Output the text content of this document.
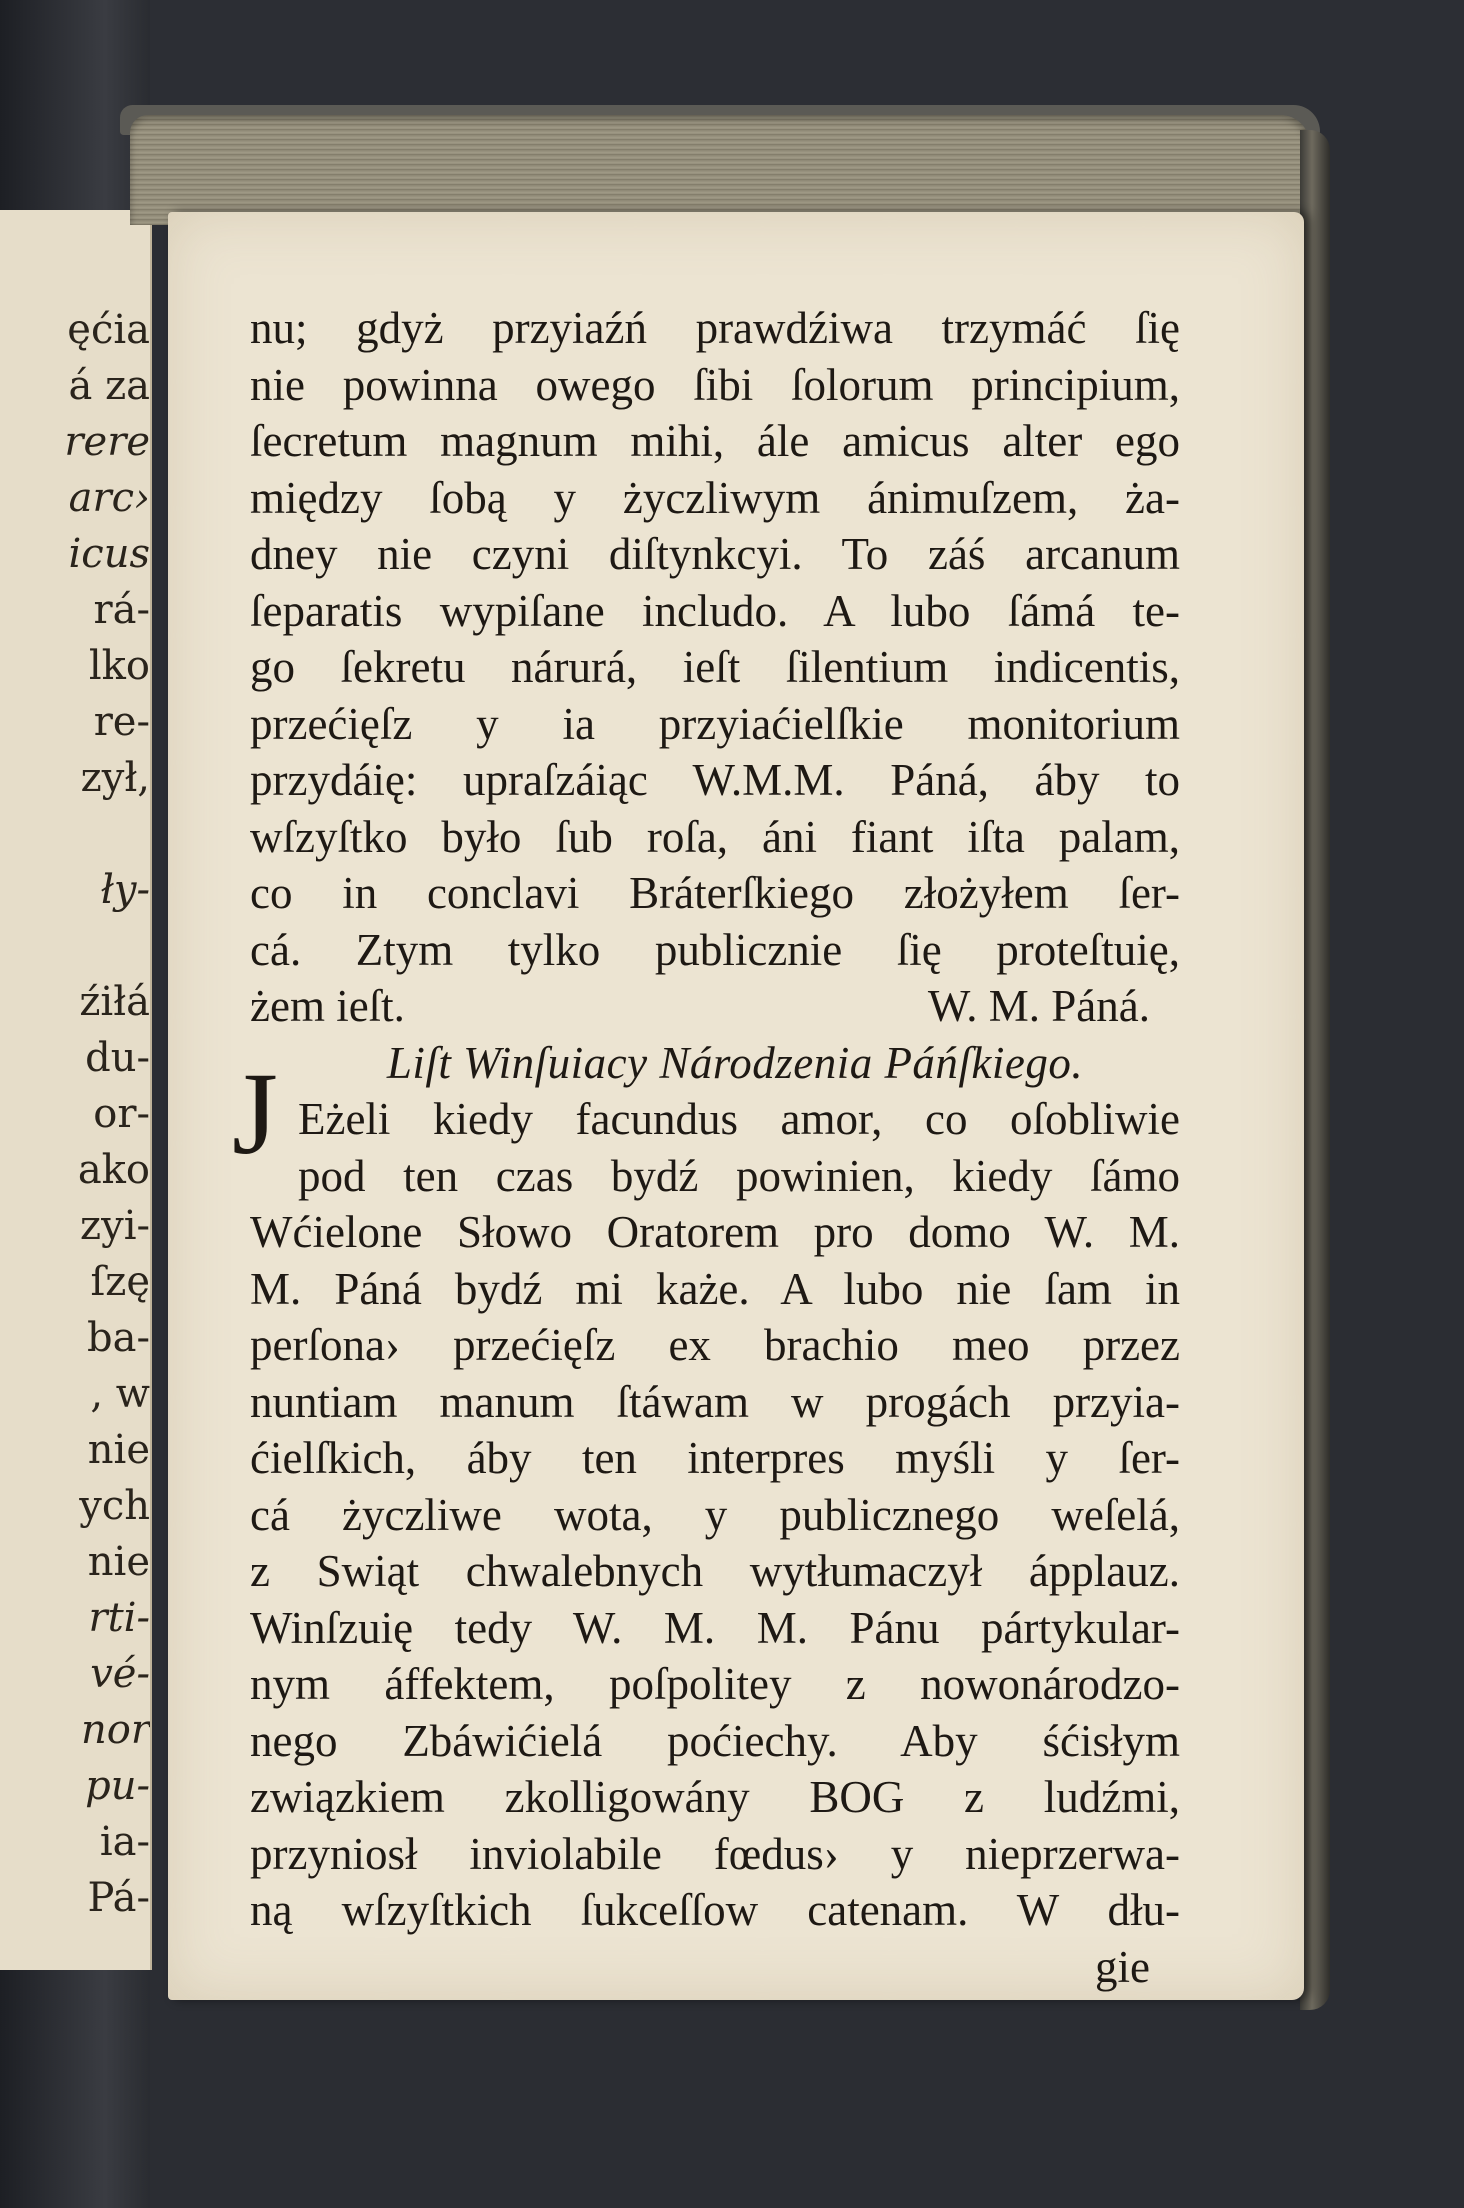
ęćia
á za
rere
arc›
icus
rá-
lko
re-
zył,
ły-
źiłá
du-
or-
ako
zyi-
ſzę
ba-
, w
nie
ych
nie
rti-
vé-
nor
pu-
ia-
Pá-
nu; gdyż przyiaźń prawdźiwa trzymáć ſię
nie powinna owego ſibi ſolorum principium,
ſecretum magnum mihi, ále amicus alter ego
między ſobą y życzliwym ánimuſzem, ża-
dney nie czyni diſtynkcyi. To záś arcanum
ſeparatis wypiſane includo. A lubo ſámá te-
go ſekretu nárurá, ieſt ſilentium indicentis,
przećięſz y ia przyiaćielſkie monitorium
przydáię: upraſzáiąc W.M.M. Páná, áby to
wſzyſtko było ſub roſa, áni fiant iſta palam,
co in conclavi Bráterſkiego złożyłem ſer-
cá. Ztym tylko publicznie ſię proteſtuię,
żem ieſt.	W. M. Páná.
Liſt Winſuiacy Národzenia Páńſkiego.
Eżeli kiedy facundus amor, co oſobliwie
pod ten czas bydź powinien, kiedy ſámo
Wćielone Słowo Oratorem pro domo W. M.
M. Páná bydź mi każe. A lubo nie ſam in
perſona› przećięſz ex brachio meo przez
nuntiam manum ſtáwam w progách przyia-
ćielſkich, áby ten interpres myśli y ſer-
cá życzliwe wota, y publicznego weſelá,
z Swiąt chwalebnych wytłumaczył ápplauz.
Winſzuię tedy W. M. M. Pánu pártykular-
nym áffektem, poſpolitey z nowonárodzo-
nego Zbáwićielá poćiechy. Aby śćisłym
związkiem zkolligowány BOG z ludźmi,
przyniosł inviolabile fœdus› y nieprzerwa-
ną wſzyſtkich ſukceſſow catenam. W dłu-
gie
J
